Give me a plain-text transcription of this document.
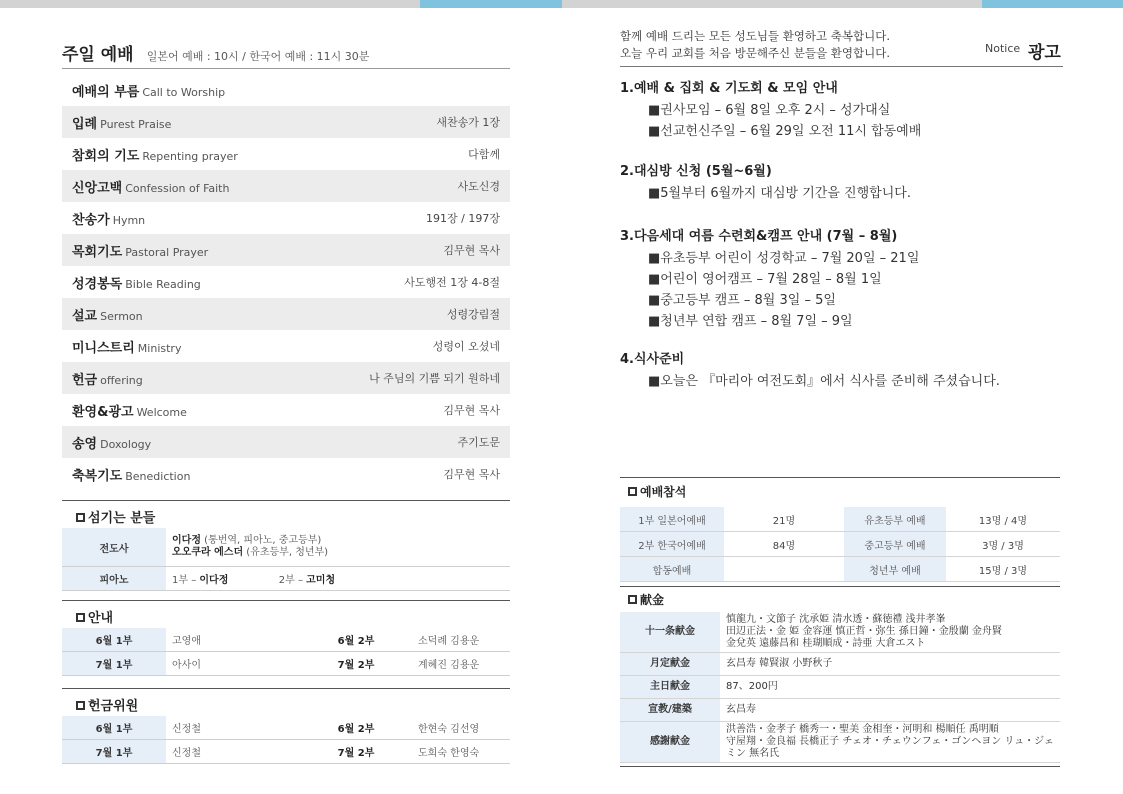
주일 예배 일본어 예배 : 10시 / 한국어 예배 : 11시 30분
예배의 부름 Call to Worship
입례 Purest Praise	새찬송가 1장
참회의 기도 Repenting prayer	다함께
신앙고백 Confession of Faith	사도신경
찬송가 Hymn	191장 / 197장
목회기도 Pastoral Prayer	김무현 목사
성경봉독 Bible Reading	사도행전 1장 4-8절
설교 Sermon	성령강림절
미니스트리 Ministry	성령이 오셨네
헌금 offering	나 주님의 기쁨 되기 원하네
환영&광고 Welcome	김무현 목사
송영 Doxology	주기도문
축복기도 Benediction	김무현 목사
섬기는 분들
전도사	이다정 (통번역, 피아노, 중고등부)
오오쿠라 에스더 (유초등부, 청년부)
피아노	1부 – 이다정 2부 – 고미청
안내
6월 1부	고영애	6월 2부	소덕례 김용운
7월 1부	아사이	7월 2부	계혜진 김용운
헌금위원
6월 1부	신정철	6월 2부	한현숙 김선영
7월 1부	신정철	7월 2부	도희숙 한영숙
함께 예배 드리는 모든 성도님들 환영하고 축복합니다.
오늘 우리 교회를 처음 방문해주신 분들을 환영합니다.	Notice 광고
1.예배 & 집회 & 기도회 & 모임 안내
■권사모임 – 6월 8일 오후 2시 – 성가대실
■선교헌신주일 – 6월 29일 오전 11시 합동예배
2.대심방 신청 (5월~6월)
■5월부터 6월까지 대심방 기간을 진행합니다.
3.다음세대 여름 수련회&캠프 안내 (7월 – 8월)
■유초등부 어린이 성경학교 – 7월 20일 – 21일
■어린이 영어캠프 – 7월 28일 – 8월 1일
■중고등부 캠프 – 8월 3일 – 5일
■청년부 연합 캠프 – 8월 7일 – 9일
4.식사준비
■오늘은 『마리아 여전도회』에서 식사를 준비해 주셨습니다.
예배참석
1부 일본어예배	21명	유초등부 예배	13명 / 4명
2부 한국어예배	84명	중고등부 예배	3명 / 3명
합동예배		청년부 예배	15명 / 3명
献金
十一条献金	慎龍九・文節子 沈承姫 清水透・蘇徳禮 浅井孝峯
田辺正法・金 姫 金容運 慎正哲・弥生 孫日鐘・金殷蘭 金舟賢
金兌英 遠藤昌和 桂瑚順成・詩亜 大倉エスト

月定献金	玄昌寿 韓賢淑 小野秋子

主日献金	87、200円

宣教/建築	玄昌寿

感謝献金	洪善浩・金孝子 橋秀一・聖美 金相奎・河明和 楊順任 禹明順
守屋翔・金良福 長橋正子 チェオ・チェウンフェ・ゴンヘヨン リュ・ジェミン 無名氏
